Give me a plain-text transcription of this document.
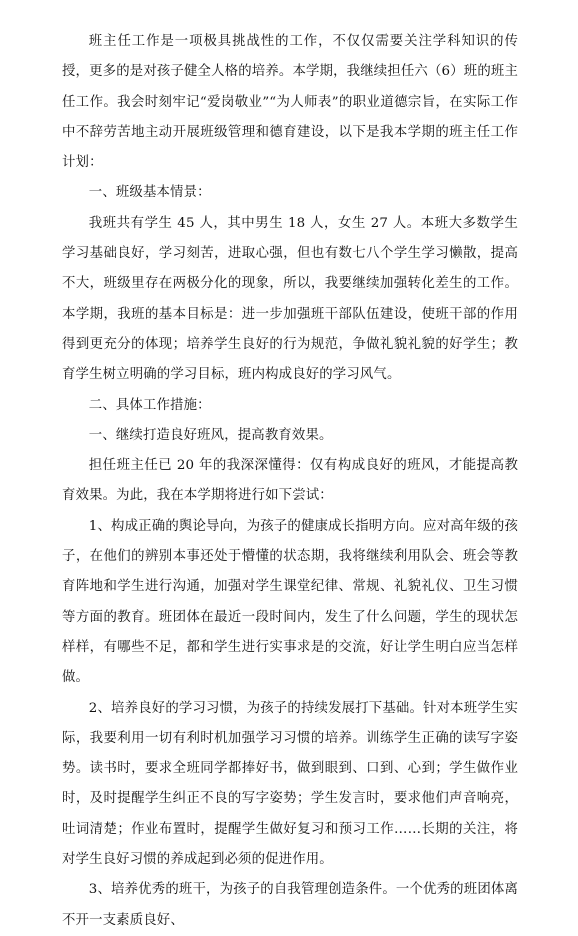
班主任工作是一项极具挑战性的工作，不仅仅需要关注学科知识的传授，更多的是对孩子健全人格的培养。本学期，我继续担任六（6）班的班主任工作。我会时刻牢记“爱岗敬业”“为人师表”的职业道德宗旨，在实际工作中不辞劳苦地主动开展班级管理和德育建设，以下是我本学期的班主任工作计划：

一、班级基本情景：

我班共有学生 45 人，其中男生 18 人，女生 27 人。本班大多数学生学习基础良好，学习刻苦，进取心强，但也有数七八个学生学习懒散，提高不大，班级里存在两极分化的现象，所以，我要继续加强转化差生的工作。本学期，我班的基本目标是：进一步加强班干部队伍建设，使班干部的作用得到更充分的体现；培养学生良好的行为规范，争做礼貌礼貌的好学生；教育学生树立明确的学习目标，班内构成良好的学习风气。

二、具体工作措施：

一、继续打造良好班风，提高教育效果。

担任班主任已 20 年的我深深懂得：仅有构成良好的班风，才能提高教育效果。为此，我在本学期将进行如下尝试：

1、构成正确的舆论导向，为孩子的健康成长指明方向。应对高年级的孩子，在他们的辨别本事还处于懵懂的状态期，我将继续利用队会、班会等教育阵地和学生进行沟通，加强对学生课堂纪律、常规、礼貌礼仪、卫生习惯等方面的教育。班团体在最近一段时间内，发生了什么问题，学生的现状怎样样，有哪些不足，都和学生进行实事求是的交流，好让学生明白应当怎样做。

2、培养良好的学习习惯，为孩子的持续发展打下基础。针对本班学生实际，我要利用一切有利时机加强学习习惯的培养。训练学生正确的读写字姿势。读书时，要求全班同学都捧好书，做到眼到、口到、心到；学生做作业时，及时提醒学生纠正不良的写字姿势；学生发言时，要求他们声音响亮，吐词清楚；作业布置时，提醒学生做好复习和预习工作……长期的关注，将对学生良好习惯的养成起到必须的促进作用。

3、培养优秀的班干，为孩子的自我管理创造条件。一个优秀的班团体离不开一支素质良好、
